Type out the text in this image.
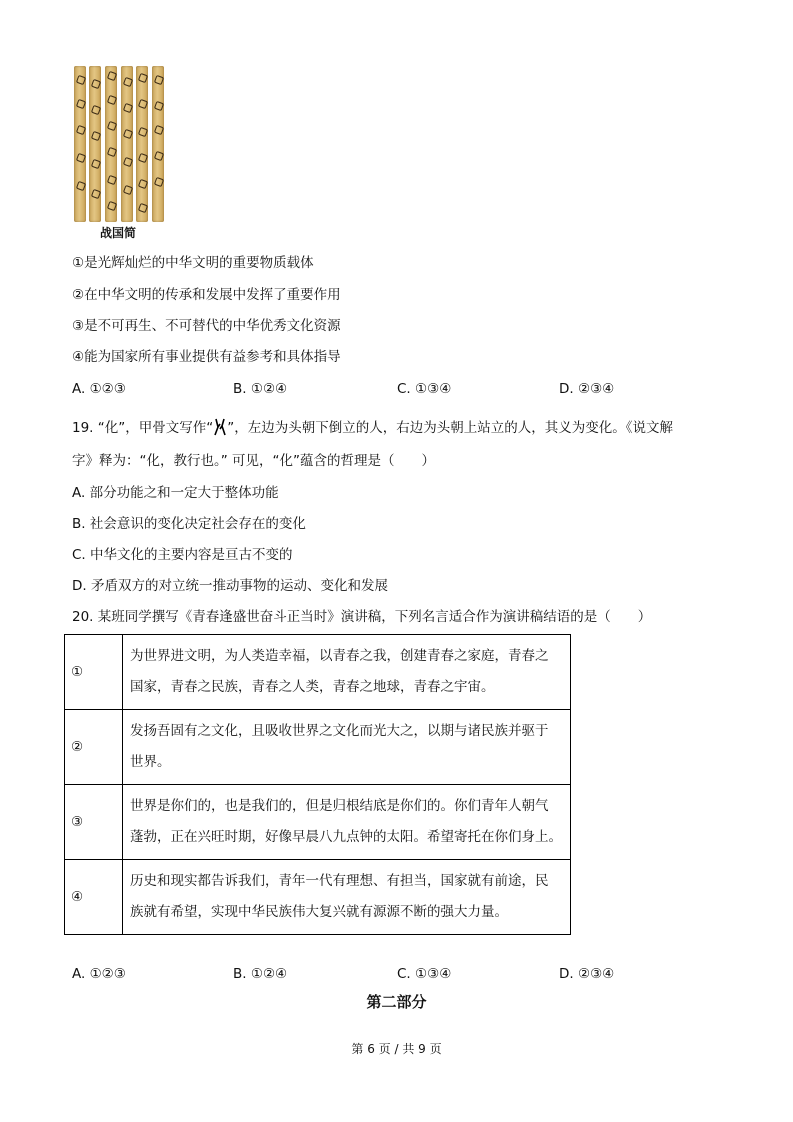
战国简
①是光辉灿烂的中华文明的重要物质载体
②在中华文明的传承和发展中发挥了重要作用
③是不可再生、不可替代的中华优秀文化资源
④能为国家所有事业提供有益参考和具体指导
A. ①②③	B. ①②④	C. ①③④	D. ②③④
19. “化”，甲骨文写作“ ”，左边为头朝下倒立的人，右边为头朝上站立的人，其义为变化。《说文解
字》释为：“化，教行也。” 可见，“化”蕴含的哲理是（　　）
A. 部分功能之和一定大于整体功能
B. 社会意识的变化决定社会存在的变化
C. 中华文化的主要内容是亘古不变的
D. 矛盾双方的对立统一推动事物的运动、变化和发展
20. 某班同学撰写《青春逢盛世奋斗正当时》演讲稿，下列名言适合作为演讲稿结语的是（　　）
①	为世界进文明，为人类造幸福，以青春之我，创建青春之家庭，青春之
国家，青春之民族，青春之人类，青春之地球，青春之宇宙。

②	发扬吾固有之文化，且吸收世界之文化而光大之，以期与诸民族并驱于
世界。

③	世界是你们的，也是我们的，但是归根结底是你们的。你们青年人朝气
蓬勃，正在兴旺时期，好像早晨八九点钟的太阳。希望寄托在你们身上。

④	历史和现实都告诉我们，青年一代有理想、有担当，国家就有前途，民
族就有希望，实现中华民族伟大复兴就有源源不断的强大力量。
A. ①②③	B. ①②④	C. ①③④	D. ②③④
第二部分
第 6 页 / 共 9 页
